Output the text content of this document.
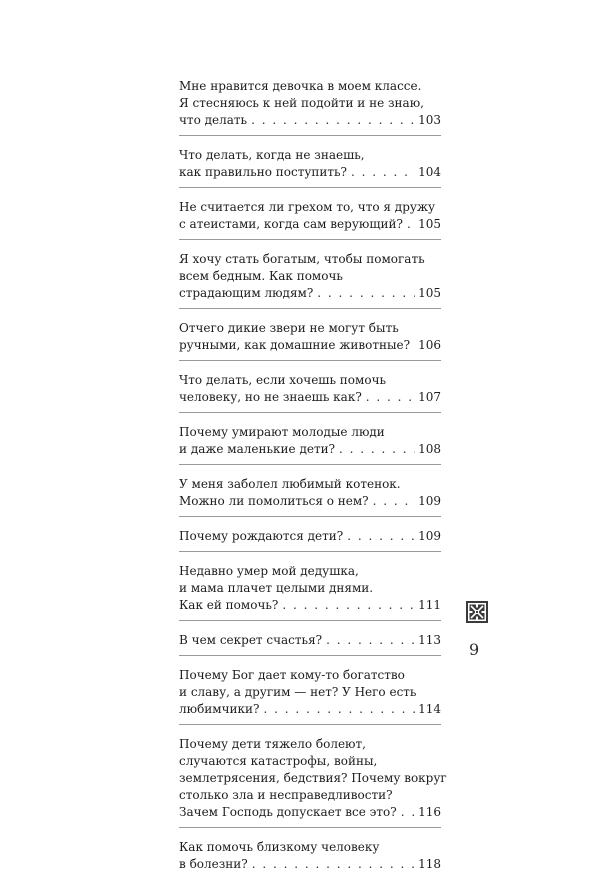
Мне нравится девочка в моем классе.
Я стесняюсь к ней подойти и не знаю,
что делать . . .	103
Что делать, когда не знаешь,
как правильно поступить? . . .	104
Не считается ли грехом то, что я дружу
с атеистами, когда сам верующий? . . . 105
Я хочу стать богатым, чтобы помогать
всем бедным. Как помочь
страдающим людям? . . .	105
Отчего дикие звери не могут быть
ручными, как домашние животные? . . . 106
Что делать, если хочешь помочь
человеку, но не знаешь как? . . .	107
Почему умирают молодые люди
и даже маленькие дети? . . .	108
У меня заболел любимый котенок.
Можно ли помолиться о нем? . . .	109
Почему рождаются дети? . . .	109
Недавно умер мой дедушка,
и мама плачет целыми днями.
Как ей помочь? . . .	111
В чем секрет счастья? . . .	113
Почему Бог дает кому-то богатство
и славу, а другим — нет? У Него есть
любимчики? . . .	114
Почему дети тяжело болеют,
случаются катастрофы, войны,
землетрясения, бедствия? Почему вокруг
столько зла и несправедливости?
Зачем Господь допускает все это? . . . 116
Как помочь близкому человеку
в болезни? . . .	118
9
